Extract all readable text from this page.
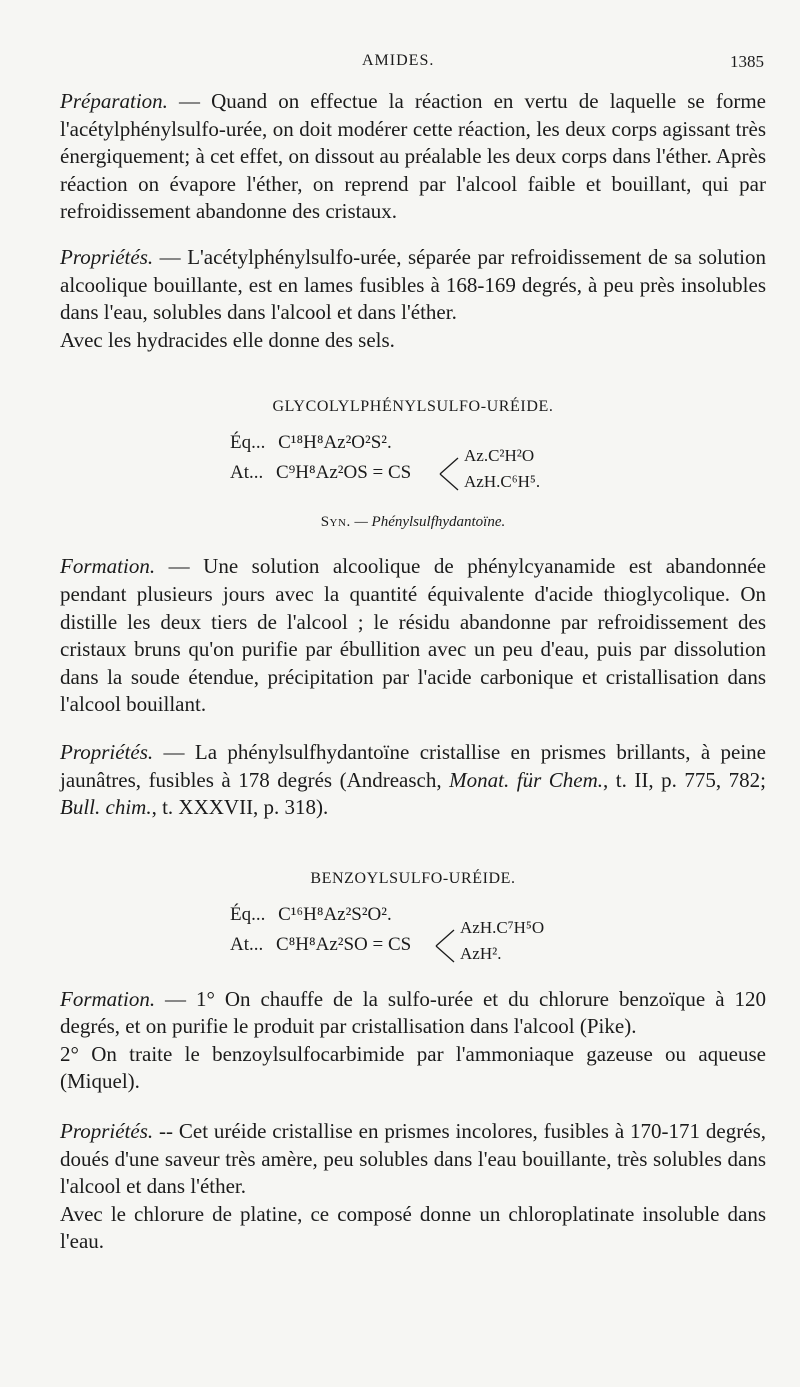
AMIDES.	1385

Préparation. — Quand on effectue la réaction en vertu de laquelle se forme l'acétylphénylsulfo-urée, on doit modérer cette réaction, les deux corps agissant très énergiquement; à cet effet, on dissout au préalable les deux corps dans l'éther. Après réaction on évapore l'éther, on reprend par l'alcool faible et bouillant, qui par refroidissement abandonne des cristaux.

Propriétés. — L'acétylphénylsulfo-urée, séparée par refroidissement de sa solution alcoolique bouillante, est en lames fusibles à 168-169 degrés, à peu près insolubles dans l'eau, solubles dans l'alcool et dans l'éther.

Avec les hydracides elle donne des sels.

GLYCOLYLPHÉNYLSULFO-URÉIDE.

Éq... C¹⁸H⁸Az²O²S².
At... C⁹H⁸Az²OS = CS
Az.C²H²O
AzH.C⁶H⁵.

Syn. — Phénylsulfhydantoïne.

Formation. — Une solution alcoolique de phénylcyanamide est abandonnée pendant plusieurs jours avec la quantité équivalente d'acide thioglycolique. On distille les deux tiers de l'alcool ; le résidu abandonne par refroidissement des cristaux bruns qu'on purifie par ébullition avec un peu d'eau, puis par dissolution dans la soude étendue, précipitation par l'acide carbonique et cristallisation dans l'alcool bouillant.

Propriétés. — La phénylsulfhydantoïne cristallise en prismes brillants, à peine jaunâtres, fusibles à 178 degrés (Andreasch, Monat. für Chem., t. II, p. 775, 782; Bull. chim., t. XXXVII, p. 318).

BENZOYLSULFO-URÉIDE.

Éq... C¹⁶H⁸Az²S²O².
At... C⁸H⁸Az²SO = CS
AzH.C⁷H⁵O
AzH².

Formation. — 1° On chauffe de la sulfo-urée et du chlorure benzoïque à 120 degrés, et on purifie le produit par cristallisation dans l'alcool (Pike).

2° On traite le benzoylsulfocarbimide par l'ammoniaque gazeuse ou aqueuse (Miquel).

Propriétés. -- Cet uréide cristallise en prismes incolores, fusibles à 170-171 degrés, doués d'une saveur très amère, peu solubles dans l'eau bouillante, très solubles dans l'alcool et dans l'éther.

Avec le chlorure de platine, ce composé donne un chloroplatinate insoluble dans l'eau.
